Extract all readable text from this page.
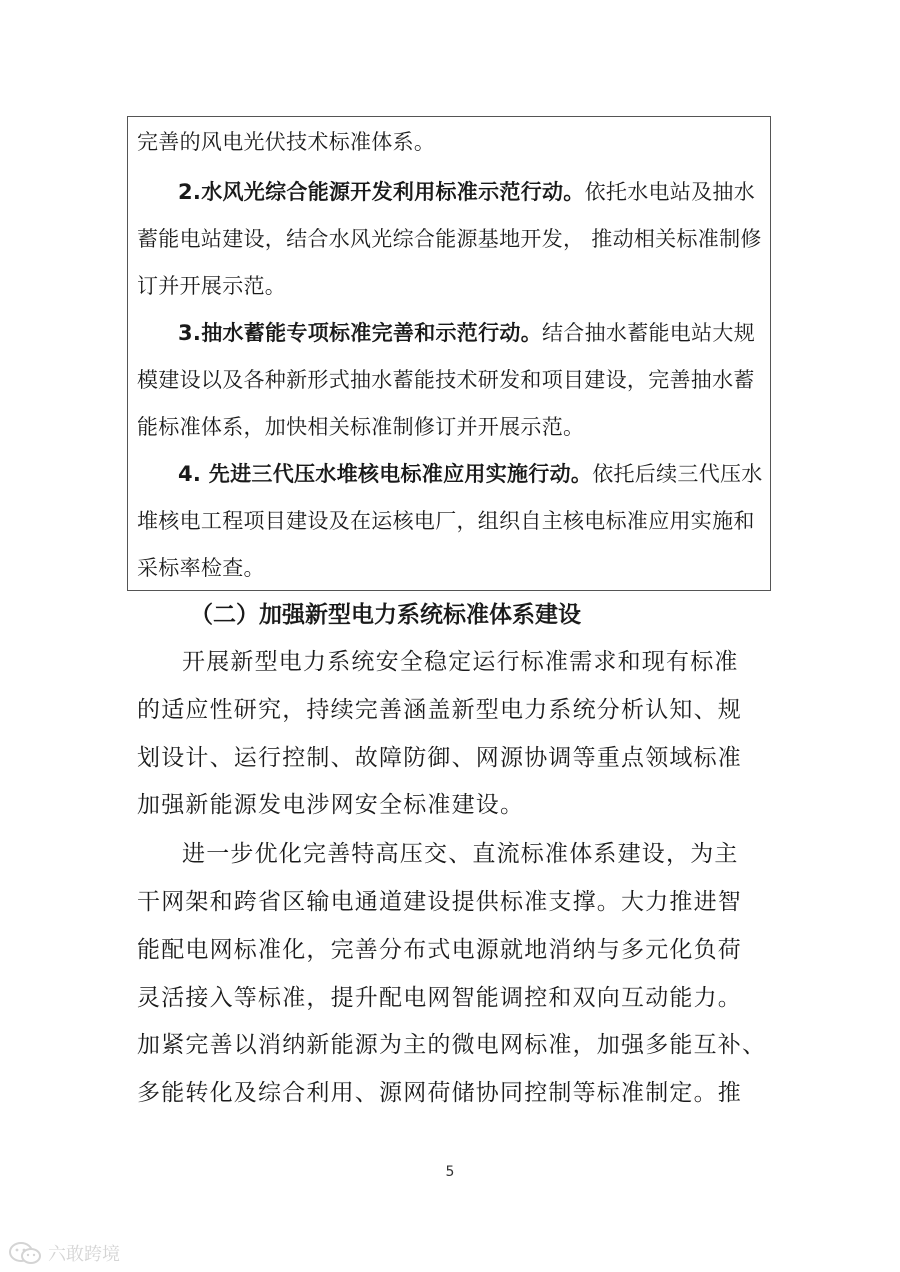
完善的风电光伏技术标准体系。
2.水风光综合能源开发利用标准示范行动。依托水电站及抽水
蓄能电站建设，结合水风光综合能源基地开发， 推动相关标准制修
订并开展示范。
3.抽水蓄能专项标准完善和示范行动。结合抽水蓄能电站大规
模建设以及各种新形式抽水蓄能技术研发和项目建设，完善抽水蓄
能标准体系，加快相关标准制修订并开展示范。
4. 先进三代压水堆核电标准应用实施行动。依托后续三代压水
堆核电工程项目建设及在运核电厂，组织自主核电标准应用实施和
采标率检查。
（二）加强新型电力系统标准体系建设
开展新型电力系统安全稳定运行标准需求和现有标准
的适应性研究，持续完善涵盖新型电力系统分析认知、规
划设计、运行控制、故障防御、网源协调等重点领域标准
加强新能源发电涉网安全标准建设。
进一步优化完善特高压交、直流标准体系建设，为主
干网架和跨省区输电通道建设提供标准支撑。大力推进智
能配电网标准化，完善分布式电源就地消纳与多元化负荷
灵活接入等标准，提升配电网智能调控和双向互动能力。
加紧完善以消纳新能源为主的微电网标准，加强多能互补、
多能转化及综合利用、源网荷储协同控制等标准制定。推
5
六敢跨境
